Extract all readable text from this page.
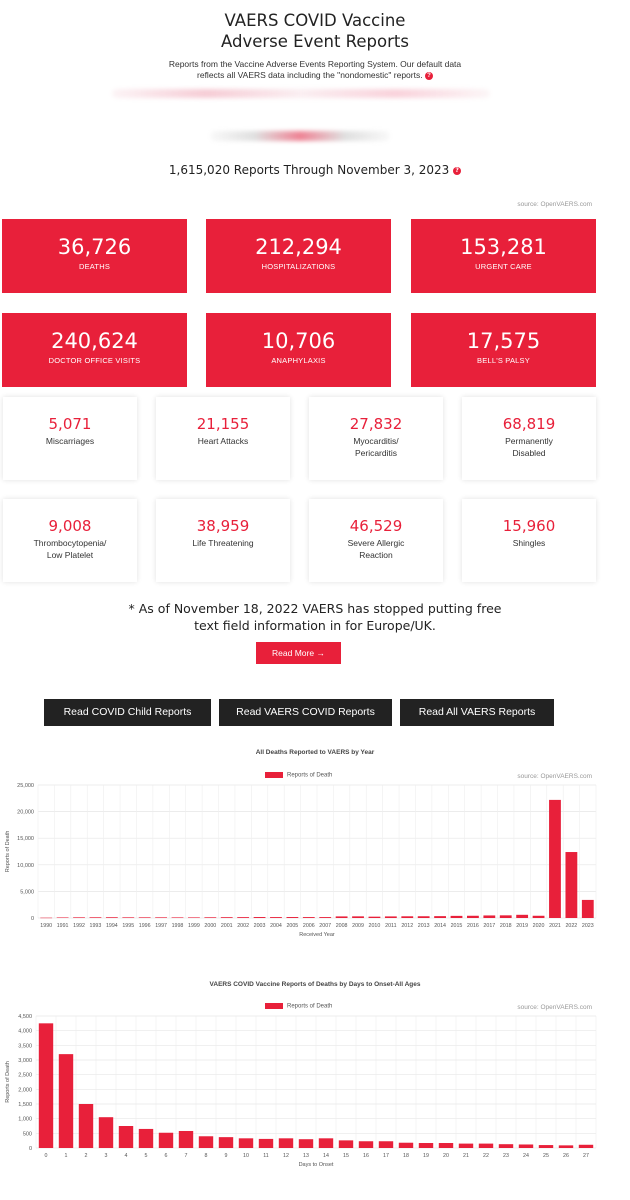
VAERS COVID Vaccine
Adverse Event Reports
Reports from the Vaccine Adverse Events Reporting System. Our default data
reflects all VAERS data including the "nondomestic" reports. ?
1,615,020 Reports Through November 3, 2023 ?
source: OpenVAERS.com
36,726
DEATHS
212,294
HOSPITALIZATIONS
153,281
URGENT CARE
240,624
DOCTOR OFFICE VISITS
10,706
ANAPHYLAXIS
17,575
BELL'S PALSY
5,071
Miscarriages
21,155
Heart Attacks
27,832
Myocarditis/
Pericarditis
68,819
Permanently
Disabled
9,008
Thrombocytopenia/
Low Platelet
38,959
Life Threatening
46,529
Severe Allergic
Reaction
15,960
Shingles
* As of November 18, 2022 VAERS has stopped putting free
text field information in for Europe/UK.
Read More →
Read COVID Child Reports	Read VAERS COVID Reports	Read All VAERS Reports
All Deaths Reported to VAERS by Year
Reports of Death	source: OpenVAERS.com
0
5,000
10,000
15,000
20,000
25,000
1990 1991 1992 1993 1994 1995 1996 1997 1998 1999 2000 2001 2002 2003 2004 2005 2006 2007 2008 2009 2010 2011 2012 2013 2014 2015 2016 2017 2018 2019 2020 2021 2022 2023
Received Year
Reports of Death
VAERS COVID Vaccine Reports of Deaths by Days to Onset-All Ages
Reports of Death	source: OpenVAERS.com
0
500
1,000
1,500
2,000
2,500
3,000
3,500
4,000
4,500
0	1	2	3	4	5	6	7	8	9	10	11	12	13	14	15	16	17	18	19	20	21	22	23	24	25	26	27
Days to Onset
Reports of Death
